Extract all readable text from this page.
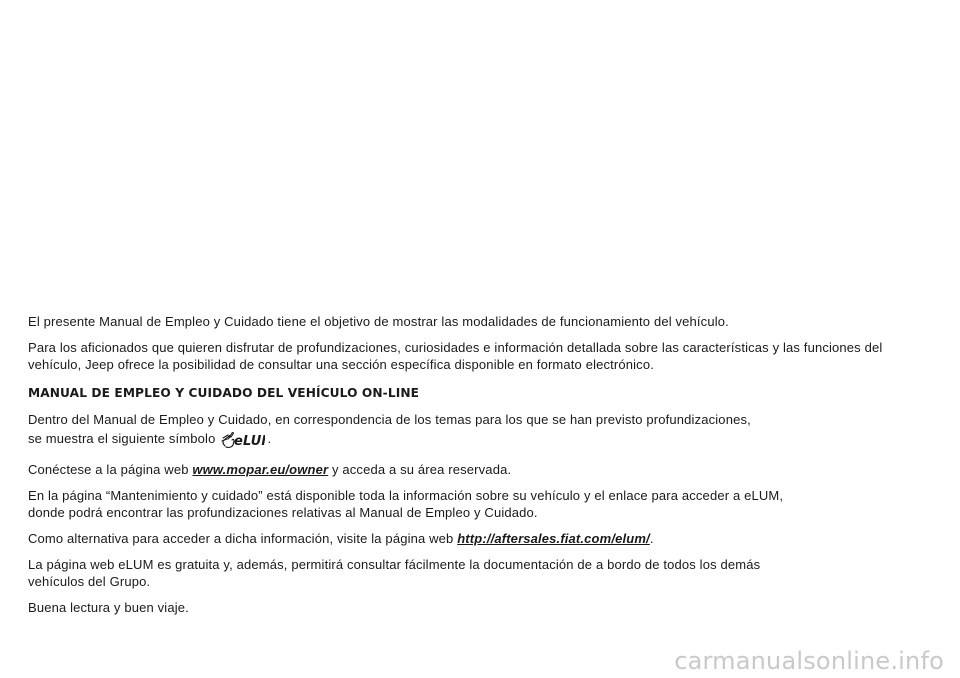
El presente Manual de Empleo y Cuidado tiene el objetivo de mostrar las modalidades de funcionamiento del vehículo.

Para los aficionados que quieren disfrutar de profundizaciones, curiosidades e información detallada sobre las características y las funciones del vehículo, Jeep ofrece la posibilidad de consultar una sección específica disponible en formato electrónico.

MANUAL DE EMPLEO Y CUIDADO DEL VEHÍCULO ON-LINE

Dentro del Manual de Empleo y Cuidado, en correspondencia de los temas para los que se han previsto profundizaciones,
se muestra el siguiente símbolo eLU .

Conéctese a la página web www.mopar.eu/owner y acceda a su área reservada.

En la página “Mantenimiento y cuidado” está disponible toda la información sobre su vehículo y el enlace para acceder a eLUM,
donde podrá encontrar las profundizaciones relativas al Manual de Empleo y Cuidado.

Como alternativa para acceder a dicha información, visite la página web http://aftersales.fiat.com/elum/.

La página web eLUM es gratuita y, además, permitirá consultar fácilmente la documentación de a bordo de todos los demás
vehículos del Grupo.

Buena lectura y buen viaje.

carmanualsonline.info
